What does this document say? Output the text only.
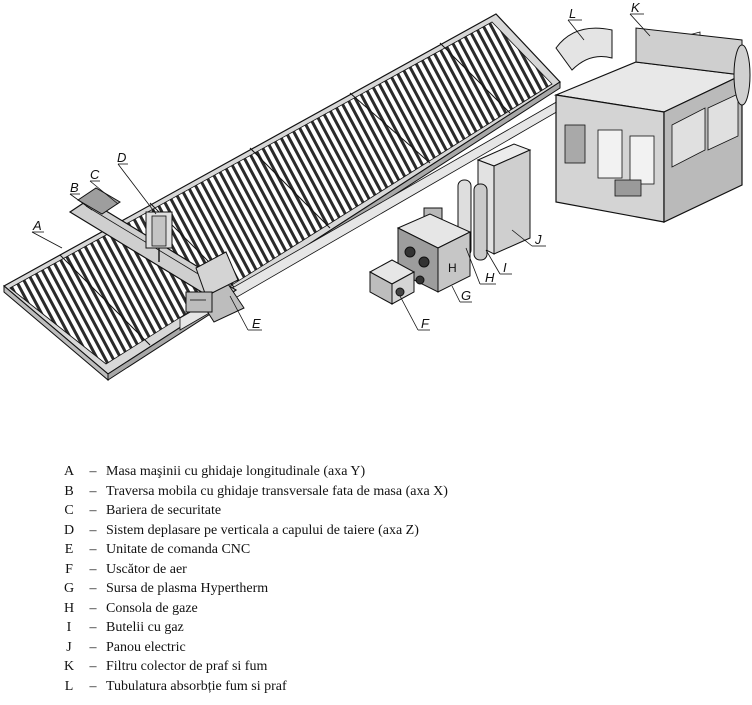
H
A
B
C
D
E	F
G
H
I
J
K
L
A – Masa maşinii cu ghidaje longitudinale (axa Y)
B – Traversa mobila cu ghidaje transversale fata de masa (axa X)
C – Bariera de securitate
D – Sistem deplasare pe verticala a capului de taiere (axa Z)
E – Unitate de comanda CNC
F – Uscător de aer
G – Sursa de plasma Hypertherm
H – Consola de gaze
I – Butelii cu gaz
J – Panou electric
K – Filtru colector de praf si fum
L – Tubulatura absorbție fum si praf
